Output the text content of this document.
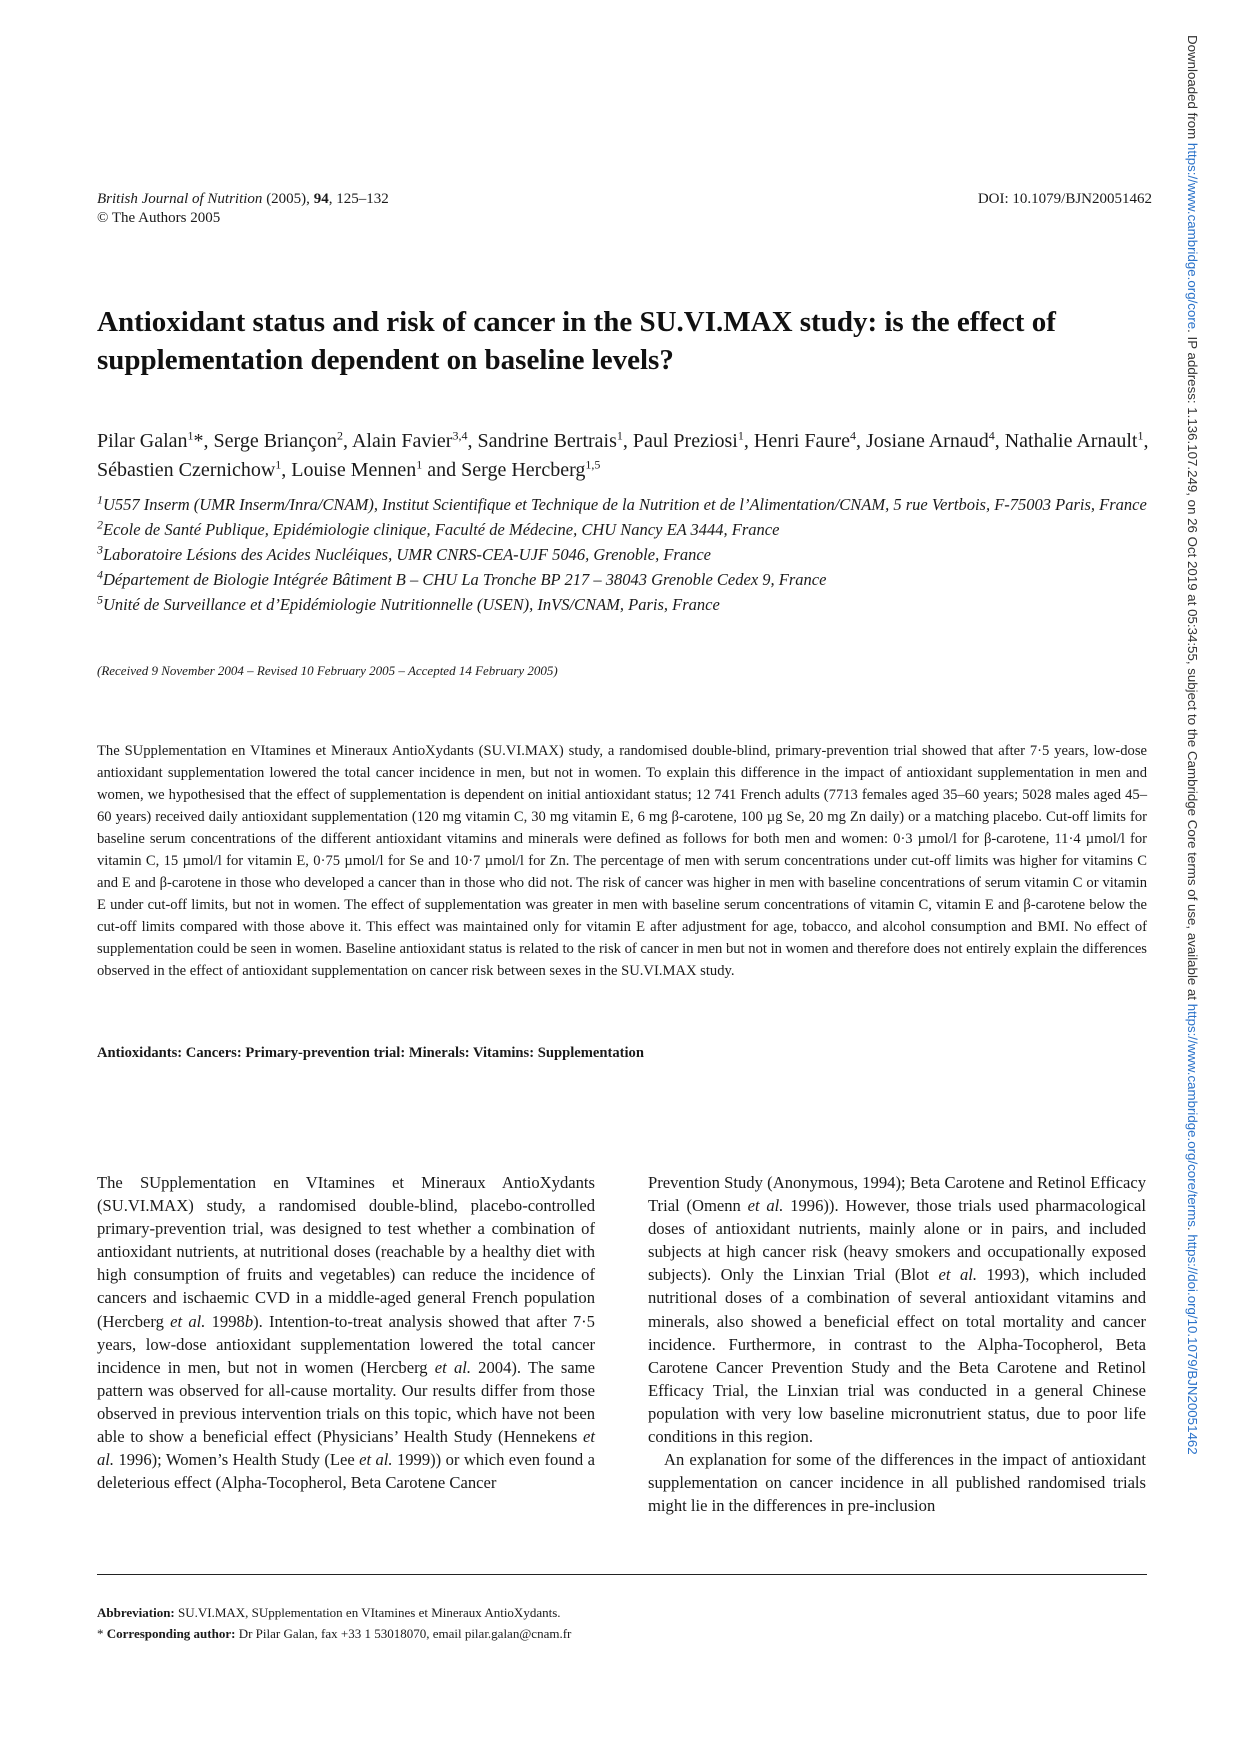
British Journal of Nutrition (2005), 94, 125–132
© The Authors 2005
DOI: 10.1079/BJN20051462
Antioxidant status and risk of cancer in the SU.VI.MAX study: is the effect of supplementation dependent on baseline levels?
Pilar Galan$^1$*, Serge Briançon$^2$, Alain Favier$^{3,4}$, Sandrine Bertrais$^1$, Paul Preziosi$^1$, Henri Faure$^4$, Josiane Arnaud$^4$, Nathalie Arnault$^1$, Sébastien Czernichow$^1$, Louise Mennen$^1$ and Serge Hercberg$^{1,5}$

$^1$U557 Inserm (UMR Inserm/Inra/CNAM), Institut Scientifique et Technique de la Nutrition et de l’Alimentation/CNAM, 5 rue Vertbois, F-75003 Paris, France

$^2$Ecole de Santé Publique, Epidémiologie clinique, Faculté de Médecine, CHU Nancy EA 3444, France

$^3$Laboratoire Lésions des Acides Nucléiques, UMR CNRS-CEA-UJF 5046, Grenoble, France

$^4$Département de Biologie Intégrée Bâtiment B – CHU La Tronche BP 217 – 38043 Grenoble Cedex 9, France

$^5$Unité de Surveillance et d’Epidémiologie Nutritionnelle (USEN), InVS/CNAM, Paris, France

(Received 9 November 2004 – Revised 10 February 2005 – Accepted 14 February 2005)
The SUpplementation en VItamines et Mineraux AntioXydants (SU.VI.MAX) study, a randomised double-blind, primary-prevention trial showed that after 7·5 years, low-dose antioxidant supplementation lowered the total cancer incidence in men, but not in women. To explain this difference in the impact of antioxidant supplementation in men and women, we hypothesised that the effect of supplementation is dependent on initial antioxidant status; 12 741 French adults (7713 females aged 35–60 years; 5028 males aged 45–60 years) received daily antioxidant supplementation (120 mg vitamin C, 30 mg vitamin E, 6 mg β-carotene, 100 µg Se, 20 mg Zn daily) or a matching placebo. Cut-off limits for baseline serum concentrations of the different antioxidant vitamins and minerals were defined as follows for both men and women: 0·3 µmol/l for β-carotene, 11·4 µmol/l for vitamin C, 15 µmol/l for vitamin E, 0·75 µmol/l for Se and 10·7 µmol/l for Zn. The percentage of men with serum concentrations under cut-off limits was higher for vitamins C and E and β-carotene in those who developed a cancer than in those who did not. The risk of cancer was higher in men with baseline concentrations of serum vitamin C or vitamin E under cut-off limits, but not in women. The effect of supplementation was greater in men with baseline serum concentrations of vitamin C, vitamin E and β-carotene below the cut-off limits compared with those above it. This effect was maintained only for vitamin E after adjustment for age, tobacco, and alcohol consumption and BMI. No effect of supplementation could be seen in women. Baseline antioxidant status is related to the risk of cancer in men but not in women and therefore does not entirely explain the differences observed in the effect of antioxidant supplementation on cancer risk between sexes in the SU.VI.MAX study.
Antioxidants: Cancers: Primary-prevention trial: Minerals: Vitamins: Supplementation

The SUpplementation en VItamines et Mineraux AntioXydants (SU.VI.MAX) study, a randomised double-blind, placebo-controlled primary-prevention trial, was designed to test whether a combination of antioxidant nutrients, at nutritional doses (reachable by a healthy diet with high consumption of fruits and vegetables) can reduce the incidence of cancers and ischaemic CVD in a middle-aged general French population (Hercberg et al. 1998b). Intention-to-treat analysis showed that after 7·5 years, low-dose antioxidant supplementation lowered the total cancer incidence in men, but not in women (Hercberg et al. 2004). The same pattern was observed for all-cause mortality. Our results differ from those observed in previous intervention trials on this topic, which have not been able to show a beneficial effect (Physicians’ Health Study (Hennekens et al. 1996); Women’s Health Study (Lee et al. 1999)) or which even found a deleterious effect (Alpha-Tocopherol, Beta Carotene Cancer

Prevention Study (Anonymous, 1994); Beta Carotene and Retinol Efficacy Trial (Omenn et al. 1996)). However, those trials used pharmacological doses of antioxidant nutrients, mainly alone or in pairs, and included subjects at high cancer risk (heavy smokers and occupationally exposed subjects). Only the Linxian Trial (Blot et al. 1993), which included nutritional doses of a combination of several antioxidant vitamins and minerals, also showed a beneficial effect on total mortality and cancer incidence. Furthermore, in contrast to the Alpha-Tocopherol, Beta Carotene Cancer Prevention Study and the Beta Carotene and Retinol Efficacy Trial, the Linxian trial was conducted in a general Chinese population with very low baseline micronutrient status, due to poor life conditions in this region.

An explanation for some of the differences in the impact of antioxidant supplementation on cancer incidence in all published randomised trials might lie in the differences in pre-inclusion

Abbreviation: SU.VI.MAX, SUpplementation en VItamines et Mineraux AntioXydants.
* Corresponding author: Dr Pilar Galan, fax +33 1 53018070, email pilar.galan@cnam.fr
Downloaded from https://www.cambridge.org/core. IP address: 1.136.107.249, on 26 Oct 2019 at 05:34:55, subject to the Cambridge Core terms of use, available at https://www.cambridge.org/core/terms. https://doi.org/10.1079/BJN20051462
